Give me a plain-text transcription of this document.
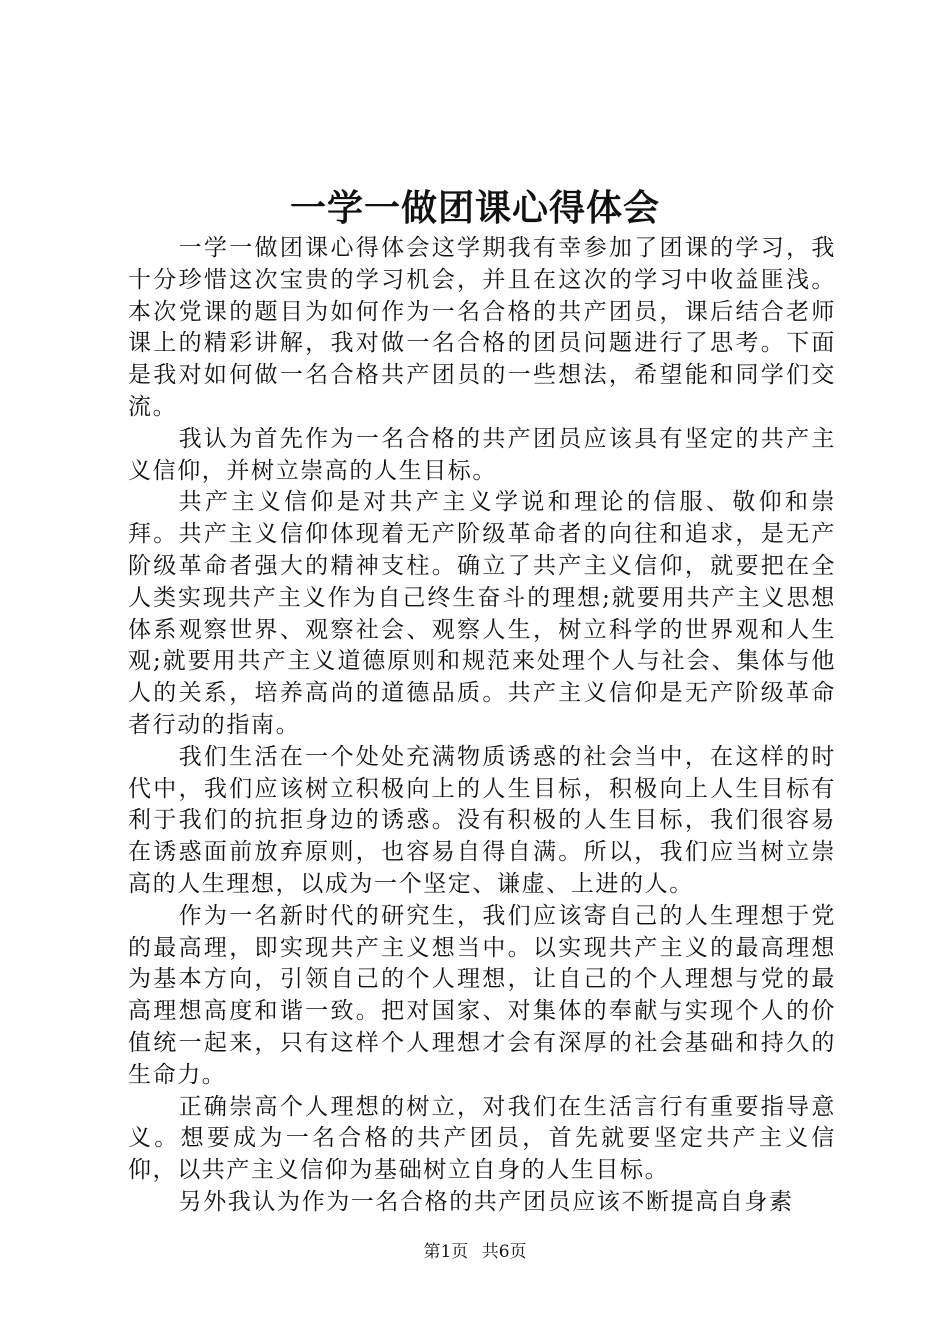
一学一做团课心得体会

一学一做团课心得体会这学期我有幸参加了团课的学习，我十分珍惜这次宝贵的学习机会，并且在这次的学习中收益匪浅。本次党课的题目为如何作为一名合格的共产团员，课后结合老师课上的精彩讲解，我对做一名合格的团员问题进行了思考。下面是我对如何做一名合格共产团员的一些想法，希望能和同学们交流。

我认为首先作为一名合格的共产团员应该具有坚定的共产主义信仰，并树立崇高的人生目标。

共产主义信仰是对共产主义学说和理论的信服、敬仰和崇拜。共产主义信仰体现着无产阶级革命者的向往和追求，是无产阶级革命者强大的精神支柱。确立了共产主义信仰，就要把在全人类实现共产主义作为自己终生奋斗的理想;就要用共产主义思想体系观察世界、观察社会、观察人生，树立科学的世界观和人生观;就要用共产主义道德原则和规范来处理个人与社会、集体与他人的关系，培养高尚的道德品质。共产主义信仰是无产阶级革命者行动的指南。

我们生活在一个处处充满物质诱惑的社会当中，在这样的时代中，我们应该树立积极向上的人生目标，积极向上人生目标有利于我们的抗拒身边的诱惑。没有积极的人生目标，我们很容易在诱惑面前放弃原则，也容易自得自满。所以，我们应当树立崇高的人生理想，以成为一个坚定、谦虚、上进的人。

作为一名新时代的研究生，我们应该寄自己的人生理想于党的最高理，即实现共产主义想当中。以实现共产主义的最高理想为基本方向，引领自己的个人理想，让自己的个人理想与党的最高理想高度和谐一致。把对国家、对集体的奉献与实现个人的价值统一起来，只有这样个人理想才会有深厚的社会基础和持久的生命力。

正确崇高个人理想的树立，对我们在生活言行有重要指导意义。想要成为一名合格的共产团员，首先就要坚定共产主义信仰，以共产主义信仰为基础树立自身的人生目标。

另外我认为作为一名合格的共产团员应该不断提高自身素

第1页 共6页
